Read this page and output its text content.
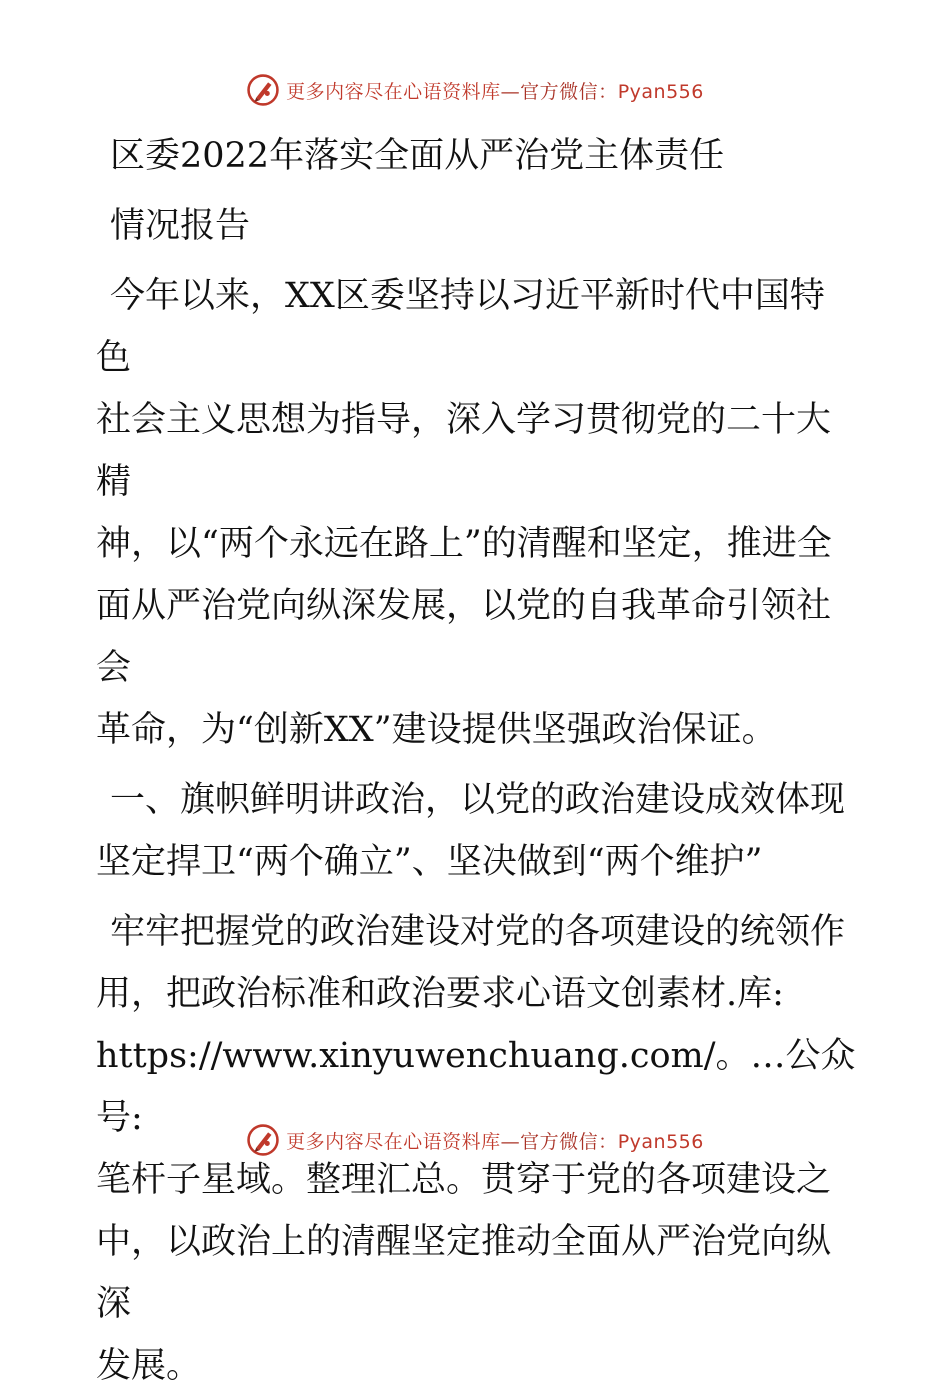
更多内容尽在心语资料库—官方微信：Pyan556

区委2022年落实全面从严治党主体责任

情况报告

今年以来，XX区委坚持以习近平新时代中国特色
社会主义思想为指导，深入学习贯彻党的二十大精
神，以“两个永远在路上”的清醒和坚定，推进全
面从严治党向纵深发展，以党的自我革命引领社会
革命，为“创新XX”建设提供坚强政治保证。

一、旗帜鲜明讲政治，以党的政治建设成效体现
坚定捍卫“两个确立”、坚决做到“两个维护”

牢牢把握党的政治建设对党的各项建设的统领作
用，把政治标准和政治要求心语文创素材.库:
https://www.xinyuwenchuang.com/。…公众号:
笔杆子星域。整理汇总。贯穿于党的各项建设之
中，以政治上的清醒坚定推动全面从严治党向纵深
发展。

更多内容尽在心语资料库—官方微信：Pyan556
